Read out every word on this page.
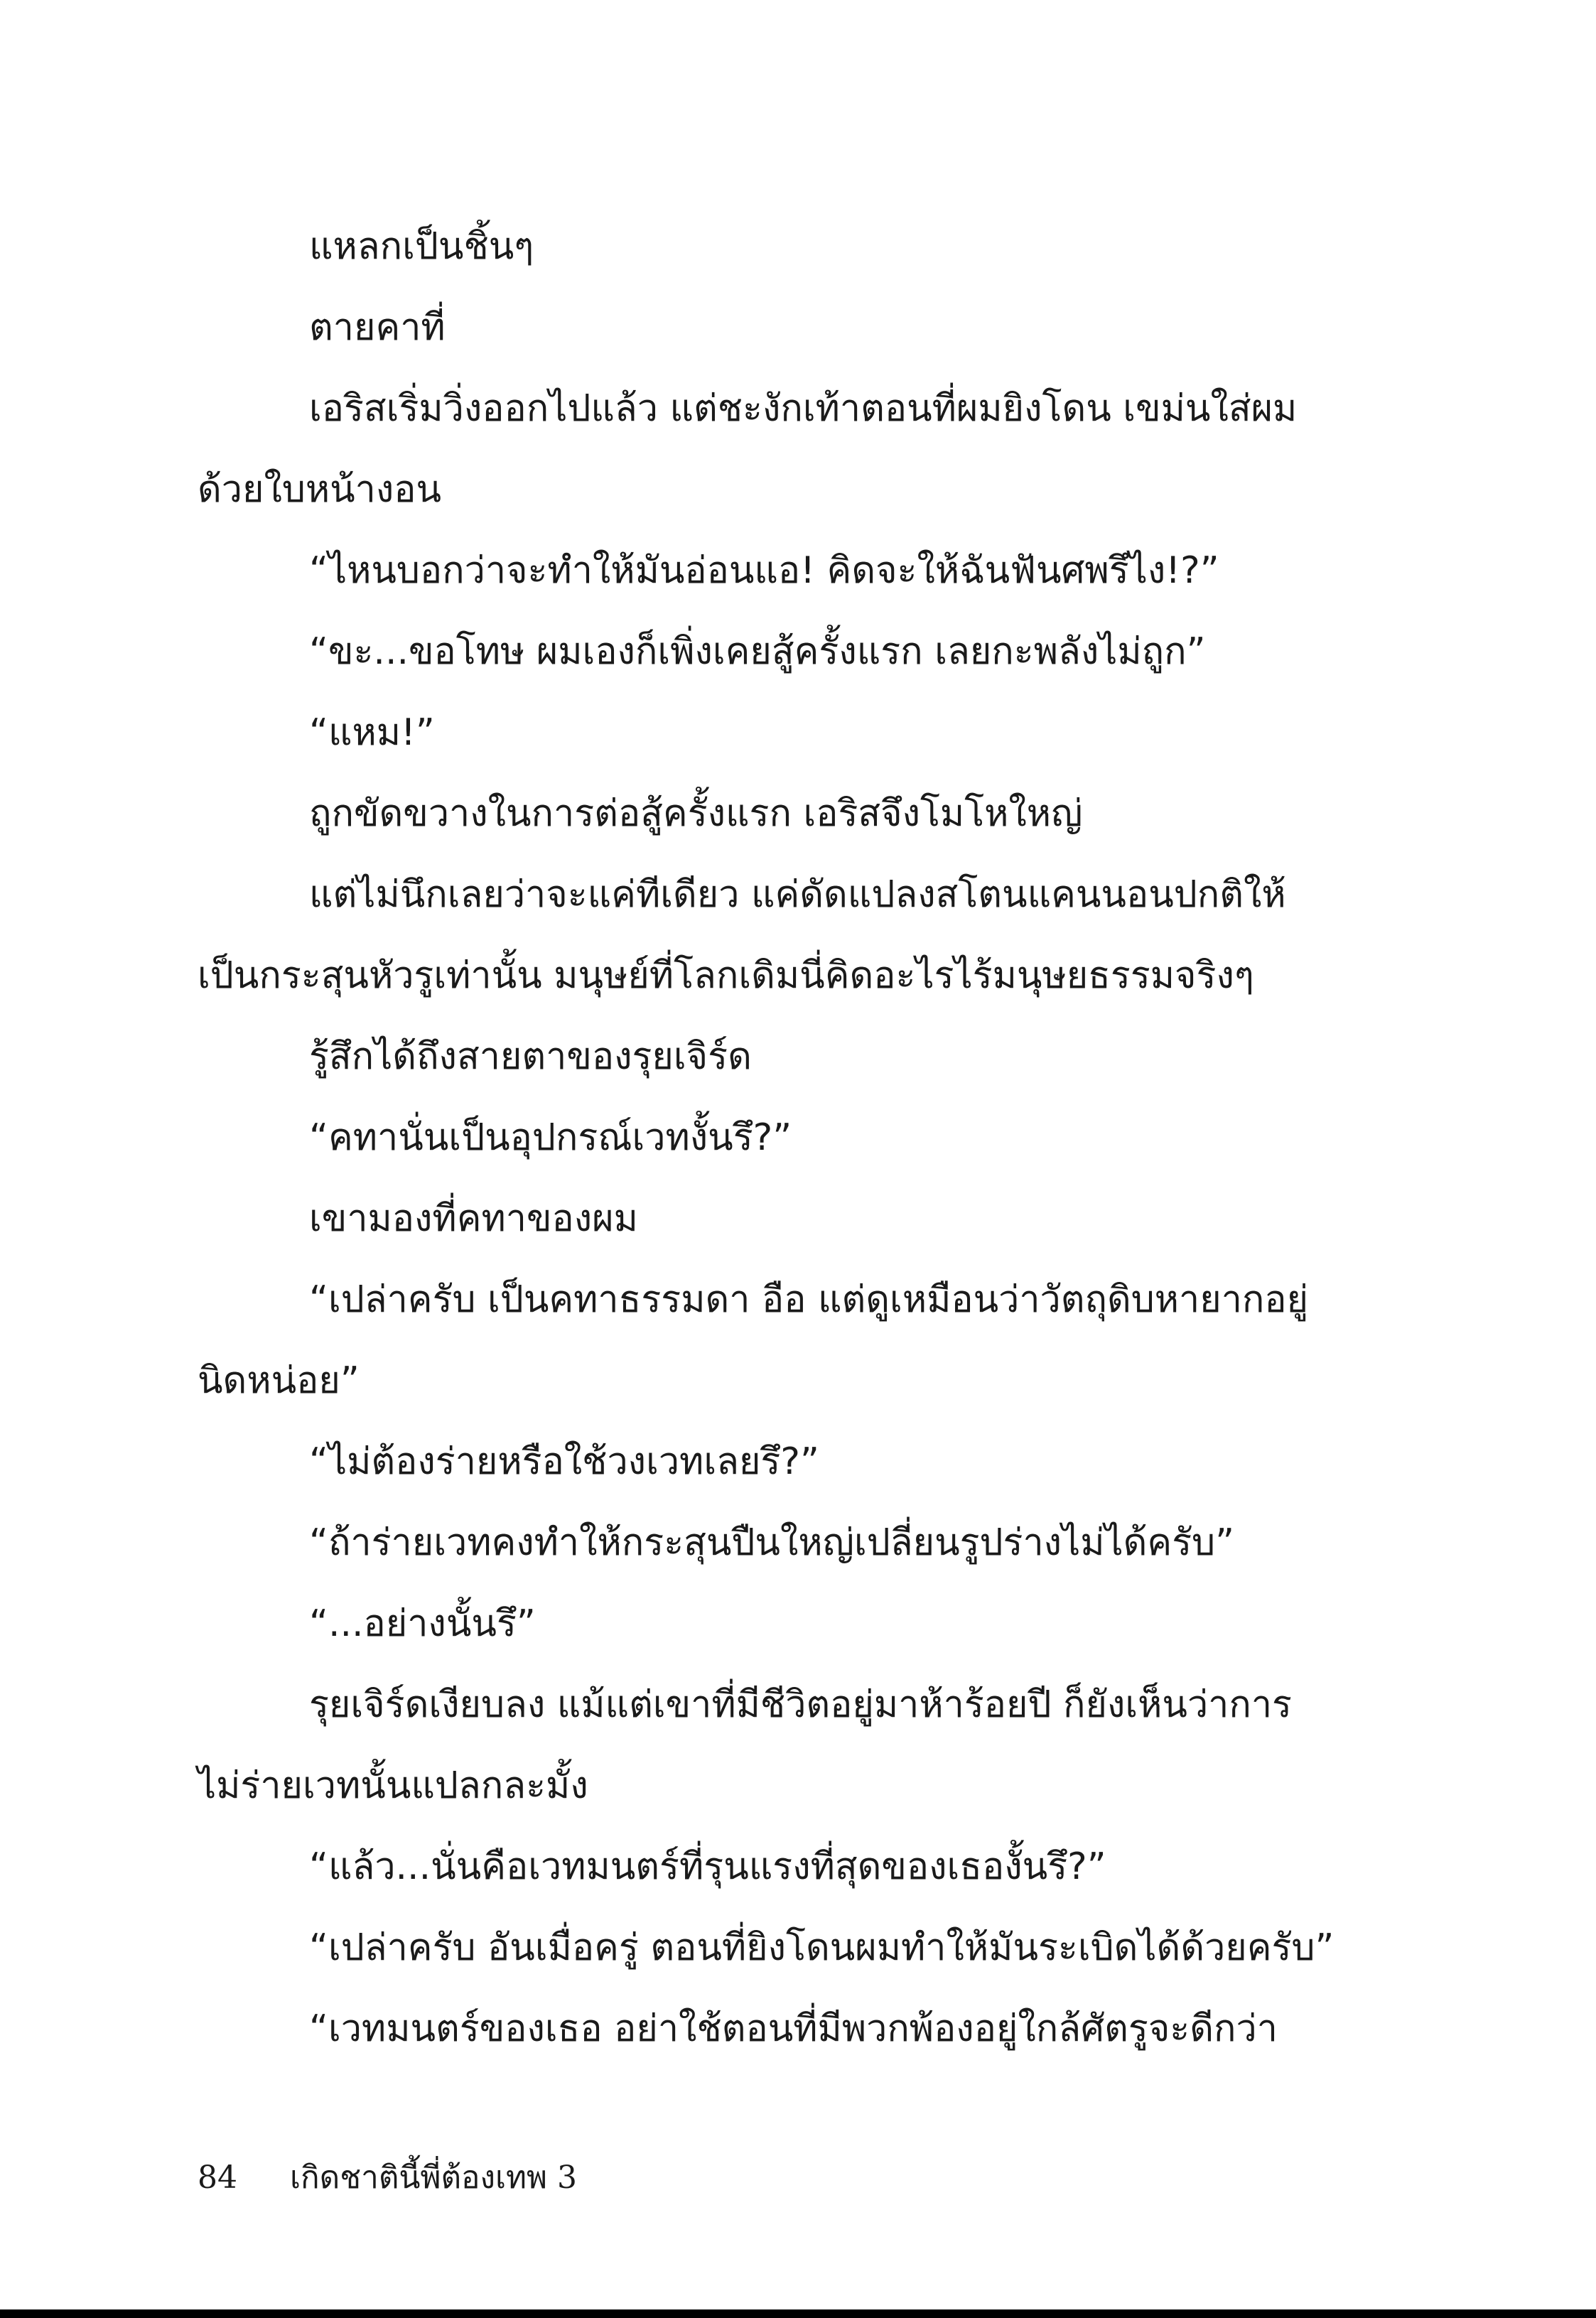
แหลกเป็นชิ้นๆ
ตายคาที่
เอริสเริ่มวิ่งออกไปแล้ว แต่ชะงักเท้าตอนที่ผมยิงโดน เขม่นใส่ผม
ด้วยใบหน้างอน
“ไหนบอกว่าจะทำให้มันอ่อนแอ! คิดจะให้ฉันฟันศพรึไง!?”
“ขะ...ขอโทษ ผมเองก็เพิ่งเคยสู้ครั้งแรก เลยกะพลังไม่ถูก”
“แหม!”
ถูกขัดขวางในการต่อสู้ครั้งแรก เอริสจึงโมโหใหญ่
แต่ไม่นึกเลยว่าจะแค่ทีเดียว แค่ดัดแปลงสโตนแคนนอนปกติให้
เป็นกระสุนหัวรูเท่านั้น มนุษย์ที่โลกเดิมนี่คิดอะไรไร้มนุษยธรรมจริงๆ
รู้สึกได้ถึงสายตาของรุยเจิร์ด
“คทานั่นเป็นอุปกรณ์เวทงั้นรึ?”
เขามองที่คทาของผม
“เปล่าครับ เป็นคทาธรรมดา อือ แต่ดูเหมือนว่าวัตถุดิบหายากอยู่
นิดหน่อย”
“ไม่ต้องร่ายหรือใช้วงเวทเลยรึ?”
“ถ้าร่ายเวทคงทำให้กระสุนปืนใหญ่เปลี่ยนรูปร่างไม่ได้ครับ”
“...อย่างนั้นรึ”
รุยเจิร์ดเงียบลง แม้แต่เขาที่มีชีวิตอยู่มาห้าร้อยปี ก็ยังเห็นว่าการ
ไม่ร่ายเวทนั้นแปลกละมั้ง
“แล้ว...นั่นคือเวทมนตร์ที่รุนแรงที่สุดของเธองั้นรึ?”
“เปล่าครับ อันเมื่อครู่ ตอนที่ยิงโดนผมทำให้มันระเบิดได้ด้วยครับ”
“เวทมนตร์ของเธอ อย่าใช้ตอนที่มีพวกพ้องอยู่ใกล้ศัตรูจะดีกว่า
84 เกิดชาตินี้พี่ต้องเทพ 3
